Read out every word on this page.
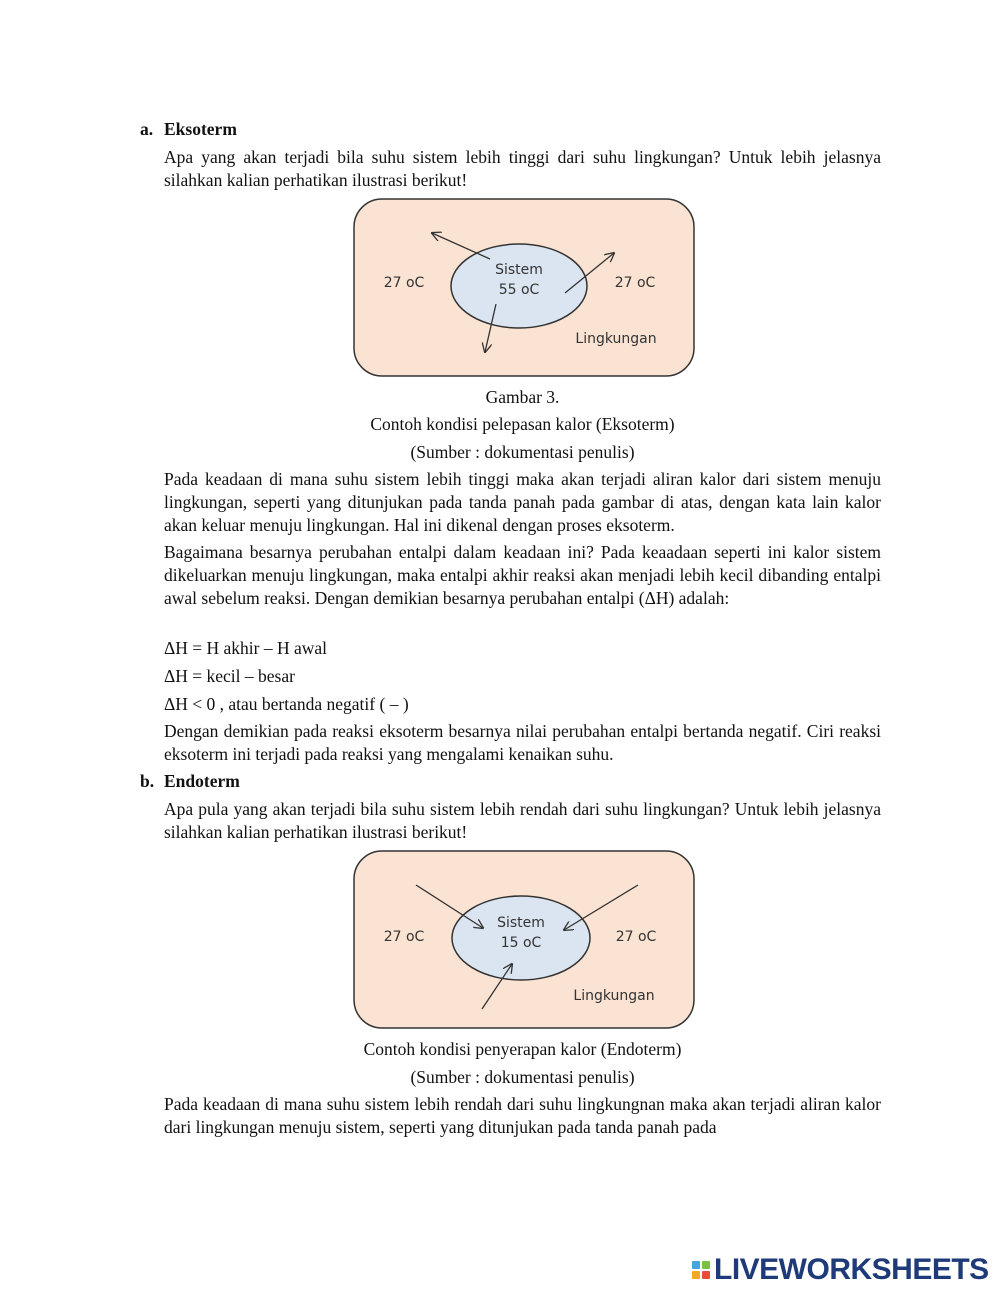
a. Eksoterm

Apa yang akan terjadi bila suhu sistem lebih tinggi dari suhu lingkungan? Untuk lebih jelasnya silahkan kalian perhatikan ilustrasi berikut!

Sistem
55 oC
27 oC	27 oC
Lingkungan
Gambar 3.
Contoh kondisi pelepasan kalor (Eksoterm)
(Sumber : dokumentasi penulis)

Pada keadaan di mana suhu sistem lebih tinggi maka akan terjadi aliran kalor dari sistem menuju lingkungan, seperti yang ditunjukan pada tanda panah pada gambar di atas, dengan kata lain kalor akan keluar menuju lingkungan. Hal ini dikenal dengan proses eksoterm.

Bagaimana besarnya perubahan entalpi dalam keadaan ini? Pada keaadaan seperti ini kalor sistem dikeluarkan menuju lingkungan, maka entalpi akhir reaksi akan menjadi lebih kecil dibanding entalpi awal sebelum reaksi. Dengan demikian besarnya perubahan entalpi (ΔH) adalah:

ΔH = H akhir – H awal
ΔH = kecil – besar
ΔH < 0 , atau bertanda negatif ( – )

Dengan demikian pada reaksi eksoterm besarnya nilai perubahan entalpi bertanda negatif. Ciri reaksi eksoterm ini terjadi pada reaksi yang mengalami kenaikan suhu.

b. Endoterm

Apa pula yang akan terjadi bila suhu sistem lebih rendah dari suhu lingkungan? Untuk lebih jelasnya silahkan kalian perhatikan ilustrasi berikut!

Sistem
15 oC
27 oC	27 oC
Lingkungan
Contoh kondisi penyerapan kalor (Endoterm)
(Sumber : dokumentasi penulis)

Pada keadaan di mana suhu sistem lebih rendah dari suhu lingkungnan maka akan terjadi aliran kalor dari lingkungan menuju sistem, seperti yang ditunjukan pada tanda panah pada

LIVEWORKSHEETS
